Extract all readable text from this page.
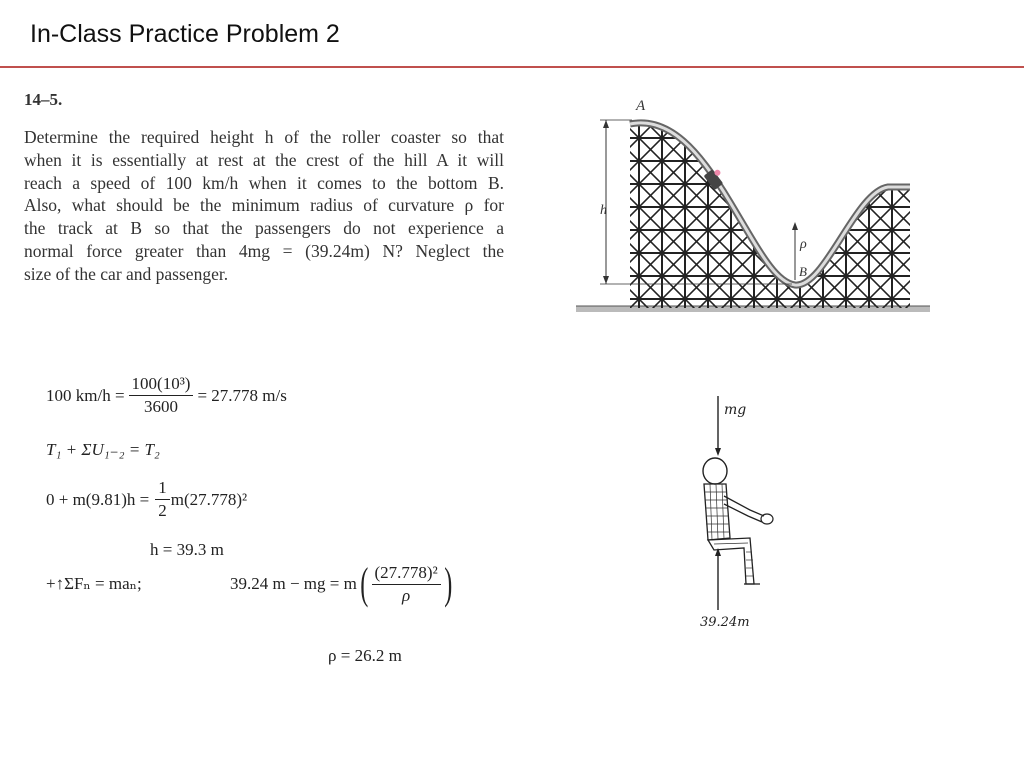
In-Class Practice Problem 2
14–5.
Determine the required height h of the roller coaster so that
when it is essentially at rest at the crest of the hill A it will
reach a speed of 100 km/h when it comes to the bottom B.
Also, what should be the minimum radius of curvature ρ for
the track at B so that the passengers do not experience a
normal force greater than 4mg = (39.24m) N? Neglect the
size of the car and passenger.
A
h
ρ
B
100 $km/h = \frac{\text{100(10³)}}{3600} = 27.778$ m/s
T₁ + ΣU₁₋₂ = T₂
$0 + m(9.81)h = \frac{1}{2} m(27.778)^2$
h = 39.3 m
+↑ΣFₙ = maₙ;	39.24 m − mg = m ( $\frac{\text{(27.778)²}}{\rho}$ )
ρ = 26.2 m
mg
39.24m
